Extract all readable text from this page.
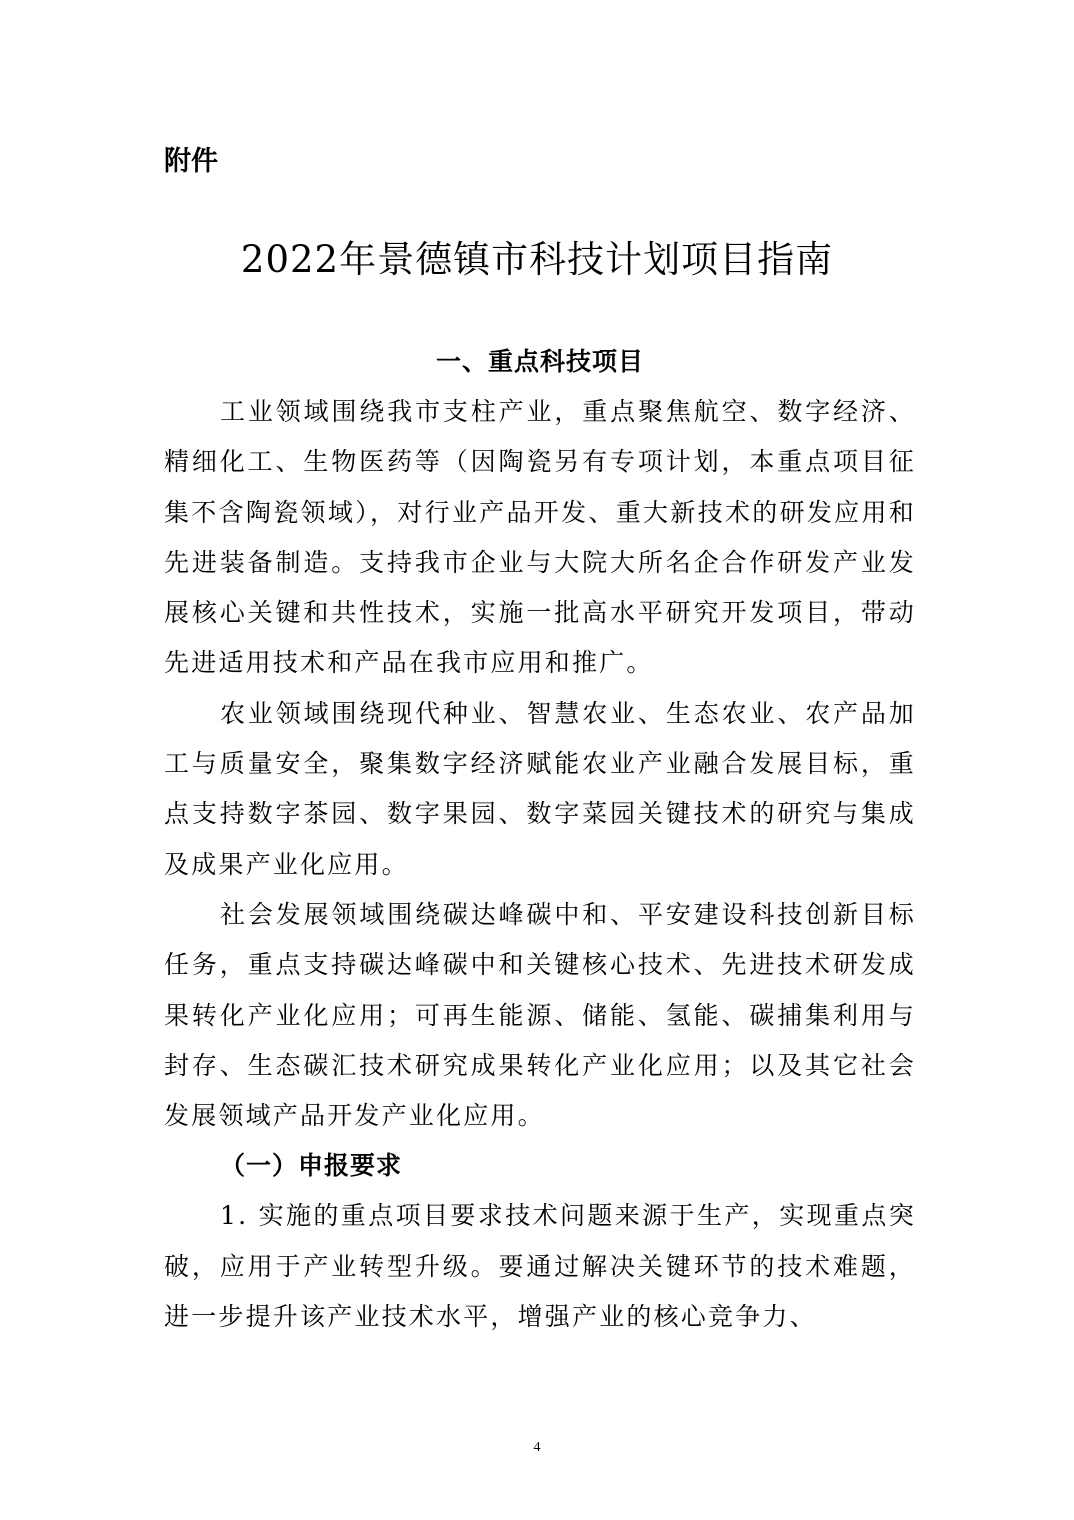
附件

2022年景德镇市科技计划项目指南
一、重点科技项目

工业领域围绕我市支柱产业，重点聚焦航空、数字经济、精细化工、生物医药等（因陶瓷另有专项计划，本重点项目征集不含陶瓷领域），对行业产品开发、重大新技术的研发应用和先进装备制造。支持我市企业与大院大所名企合作研发产业发展核心关键和共性技术，实施一批高水平研究开发项目，带动先进适用技术和产品在我市应用和推广。

农业领域围绕现代种业、智慧农业、生态农业、农产品加工与质量安全，聚集数字经济赋能农业产业融合发展目标，重点支持数字茶园、数字果园、数字菜园关键技术的研究与集成及成果产业化应用。

社会发展领域围绕碳达峰碳中和、平安建设科技创新目标任务，重点支持碳达峰碳中和关键核心技术、先进技术研发成果转化产业化应用；可再生能源、储能、氢能、碳捕集利用与封存、生态碳汇技术研究成果转化产业化应用；以及其它社会发展领域产品开发产业化应用。

（一）申报要求

1. 实施的重点项目要求技术问题来源于生产，实现重点突破，应用于产业转型升级。要通过解决关键环节的技术难题，进一步提升该产业技术水平，增强产业的核心竞争力、

4
